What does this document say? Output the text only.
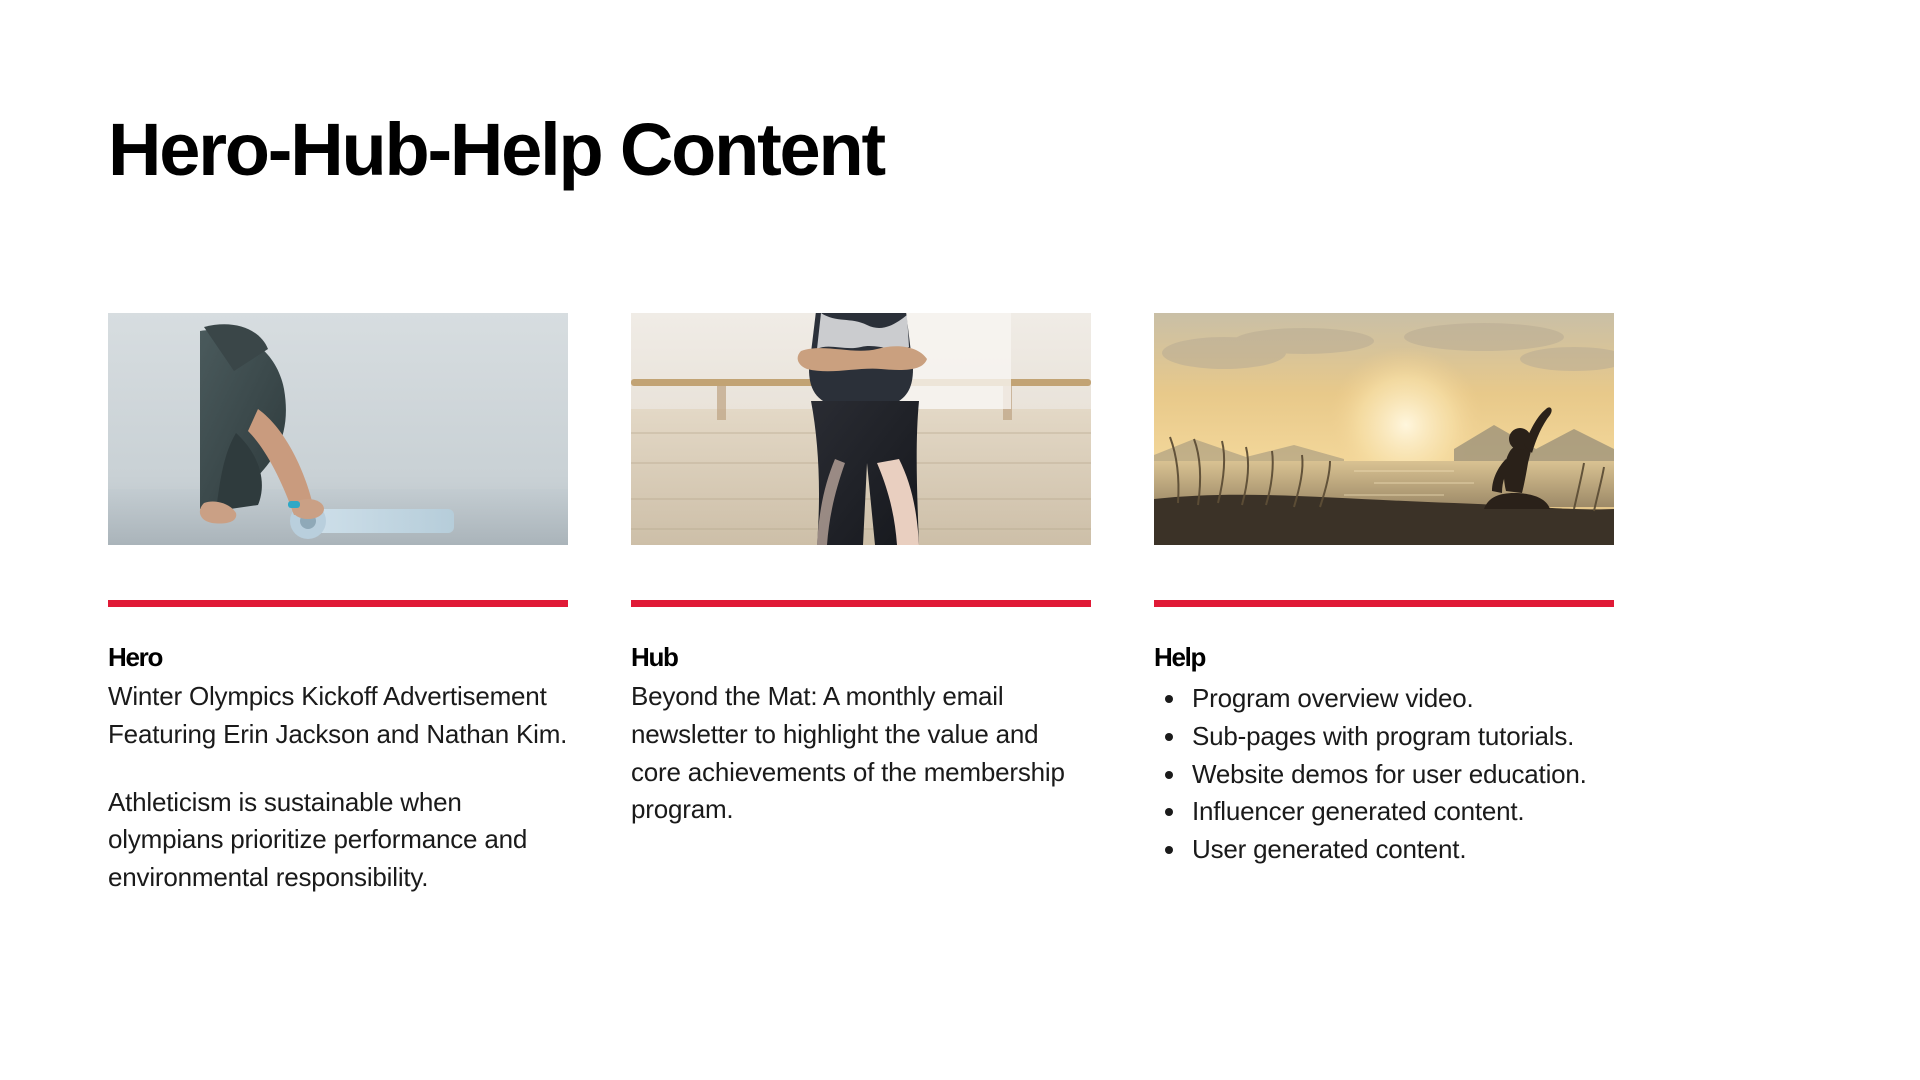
Hero-Hub-Help Content
Hero
Winter Olympics Kickoff Advertisement Featuring Erin Jackson and Nathan Kim.
Athleticism is sustainable when olympians prioritize performance and environmental responsibility.
Hub
Beyond the Mat: A monthly email newsletter to highlight the value and core achievements of the membership program.
Help
• Program overview video.
• Sub-pages with program tutorials.
• Website demos for user education.
• Influencer generated content.
• User generated content.
